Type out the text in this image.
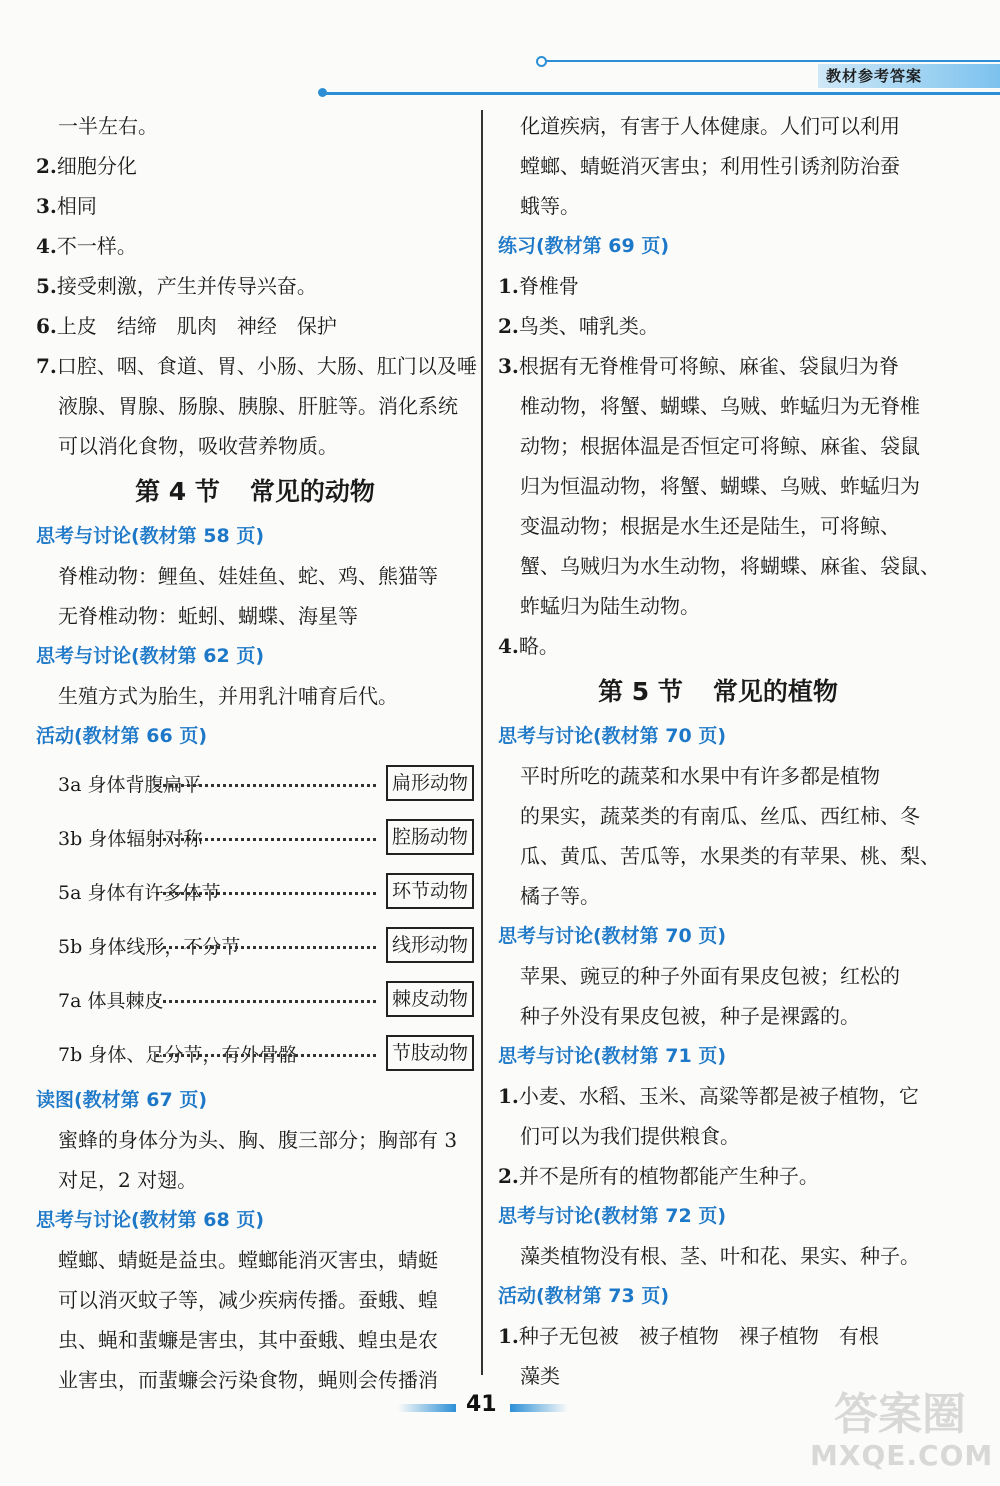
教材参考答案
一半左右。
2.细胞分化
3.相同
4.不一样。
5.接受刺激，产生并传导兴奋。
6.上皮　结缔　肌肉　神经　保护
7.口腔、咽、食道、胃、小肠、大肠、肛门以及唾
液腺、胃腺、肠腺、胰腺、肝脏等。消化系统
可以消化食物，吸收营养物质。
第 4 节 常见的动物
思考与讨论(教材第 58 页)
脊椎动物：鲤鱼、娃娃鱼、蛇、鸡、熊猫等
无脊椎动物：蚯蚓、蝴蝶、海星等
思考与讨论(教材第 62 页)
生殖方式为胎生，并用乳汁哺育后代。
活动(教材第 66 页)
3a 身体背腹扁平	扁形动物
3b 身体辐射对称	腔肠动物
5a 身体有许多体节	环节动物
5b 身体线形，不分节	线形动物
7a 体具棘皮	棘皮动物
7b 身体、足分节，有外骨骼	节肢动物
读图(教材第 67 页)
蜜蜂的身体分为头、胸、腹三部分；胸部有 3
对足，2 对翅。
思考与讨论(教材第 68 页)
螳螂、蜻蜓是益虫。螳螂能消灭害虫，蜻蜓
可以消灭蚊子等，减少疾病传播。蚕蛾、蝗
虫、蝇和蜚蠊是害虫，其中蚕蛾、蝗虫是农
业害虫，而蜚蠊会污染食物，蝇则会传播消
化道疾病，有害于人体健康。人们可以利用
螳螂、蜻蜓消灭害虫；利用性引诱剂防治蚕
蛾等。
练习(教材第 69 页)
1.脊椎骨
2.鸟类、哺乳类。
3.根据有无脊椎骨可将鲸、麻雀、袋鼠归为脊
椎动物，将蟹、蝴蝶、乌贼、蚱蜢归为无脊椎
动物；根据体温是否恒定可将鲸、麻雀、袋鼠
归为恒温动物，将蟹、蝴蝶、乌贼、蚱蜢归为
变温动物；根据是水生还是陆生，可将鲸、
蟹、乌贼归为水生动物，将蝴蝶、麻雀、袋鼠、
蚱蜢归为陆生动物。
4.略。
第 5 节 常见的植物
思考与讨论(教材第 70 页)
平时所吃的蔬菜和水果中有许多都是植物
的果实，蔬菜类的有南瓜、丝瓜、西红柿、冬
瓜、黄瓜、苦瓜等，水果类的有苹果、桃、梨、
橘子等。
思考与讨论(教材第 70 页)
苹果、豌豆的种子外面有果皮包被；红松的
种子外没有果皮包被，种子是裸露的。
思考与讨论(教材第 71 页)
1.小麦、水稻、玉米、高粱等都是被子植物，它
们可以为我们提供粮食。
2.并不是所有的植物都能产生种子。
思考与讨论(教材第 72 页)
藻类植物没有根、茎、叶和花、果实、种子。
活动(教材第 73 页)
1.种子无包被　被子植物　裸子植物　有根
藻类
41	答案圈
MXQE.COM
